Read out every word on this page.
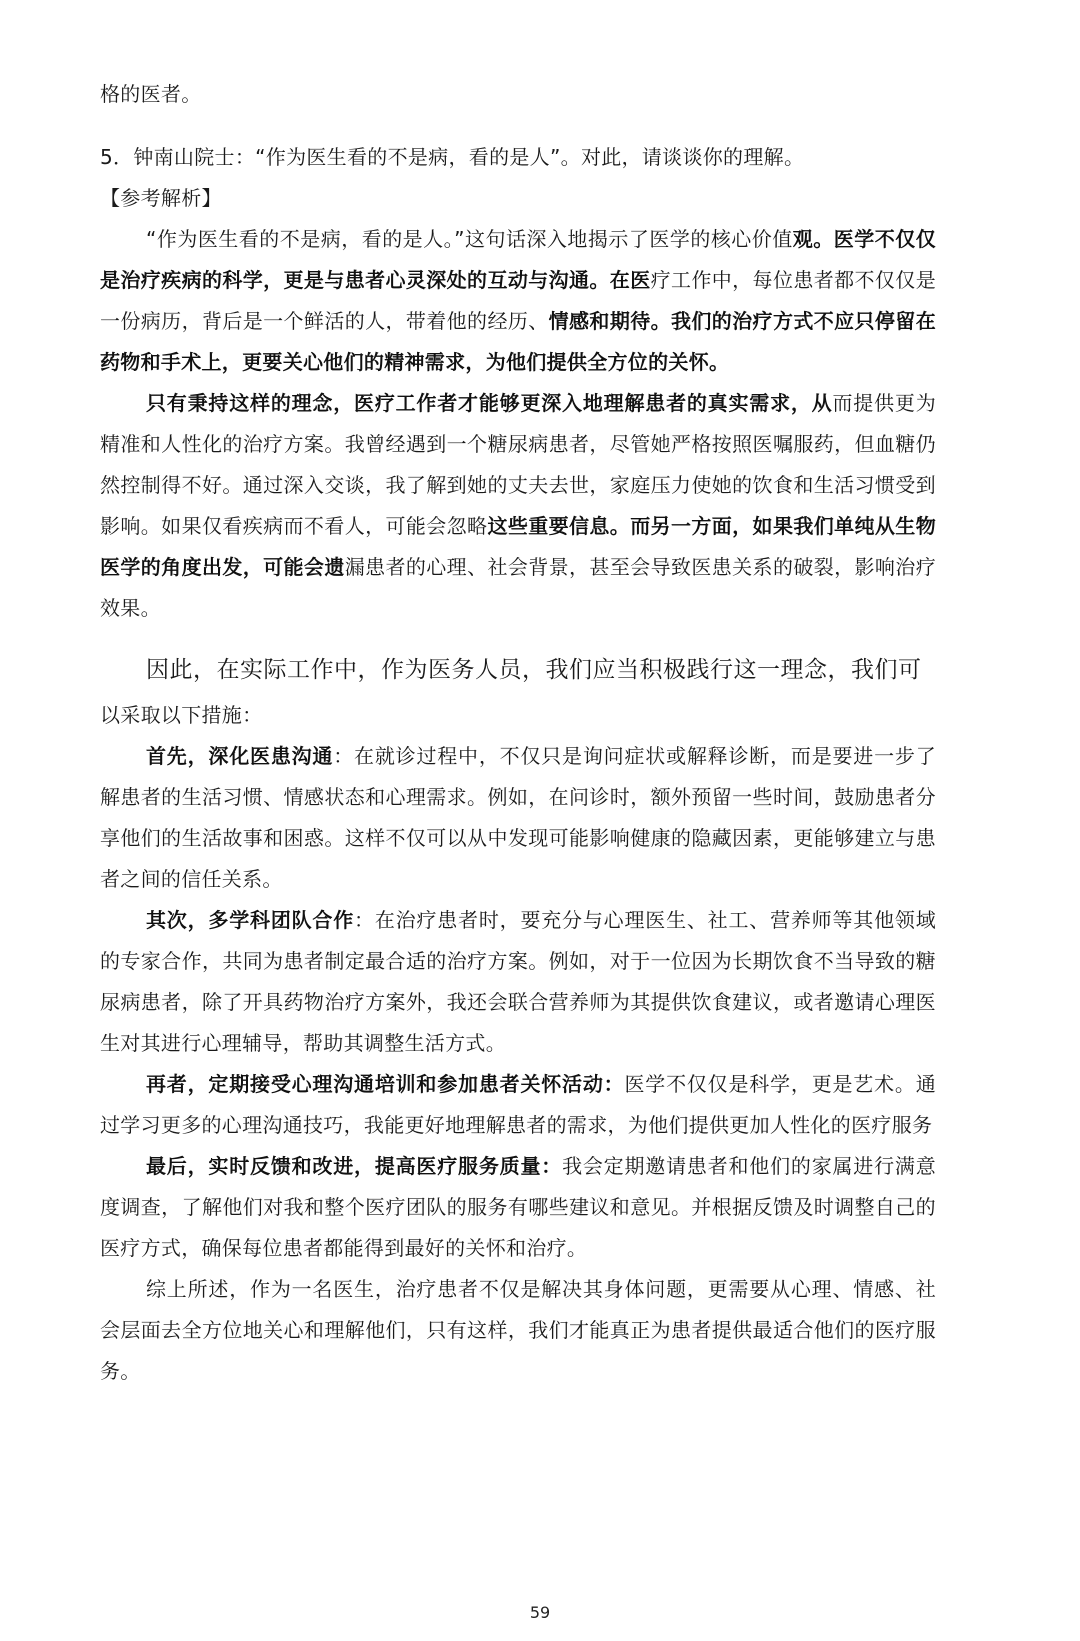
格的医者。

5．钟南山院士：“作为医生看的不是病，看的是人”。对此，请谈谈你的理解。

【参考解析】

“作为医生看的不是病，看的是人。”这句话深入地揭示了医学的核心价值观。医学不仅仅是治疗疾病的科学，更是与患者心灵深处的互动与沟通。在医疗工作中，每位患者都不仅仅是一份病历，背后是一个鲜活的人，带着他的经历、情感和期待。我们的治疗方式不应只停留在药物和手术上，更要关心他们的精神需求，为他们提供全方位的关怀。

只有秉持这样的理念，医疗工作者才能够更深入地理解患者的真实需求，从而提供更为精准和人性化的治疗方案。我曾经遇到一个糖尿病患者，尽管她严格按照医嘱服药，但血糖仍然控制得不好。通过深入交谈，我了解到她的丈夫去世，家庭压力使她的饮食和生活习惯受到影响。如果仅看疾病而不看人，可能会忽略这些重要信息。而另一方面，如果我们单纯从生物医学的角度出发，可能会遗漏患者的心理、社会背景，甚至会导致医患关系的破裂，影响治疗效果。

因此，在实际工作中，作为医务人员，我们应当积极践行这一理念，我们可

以采取以下措施：

首先，深化医患沟通：在就诊过程中，不仅只是询问症状或解释诊断，而是要进一步了解患者的生活习惯、情感状态和心理需求。例如，在问诊时，额外预留一些时间，鼓励患者分享他们的生活故事和困惑。这样不仅可以从中发现可能影响健康的隐藏因素，更能够建立与患者之间的信任关系。

其次，多学科团队合作：在治疗患者时，要充分与心理医生、社工、营养师等其他领域的专家合作，共同为患者制定最合适的治疗方案。例如，对于一位因为长期饮食不当导致的糖尿病患者，除了开具药物治疗方案外，我还会联合营养师为其提供饮食建议，或者邀请心理医生对其进行心理辅导，帮助其调整生活方式。

再者，定期接受心理沟通培训和参加患者关怀活动：医学不仅仅是科学，更是艺术。通过学习更多的心理沟通技巧，我能更好地理解患者的需求，为他们提供更加人性化的医疗服务

最后，实时反馈和改进，提高医疗服务质量：我会定期邀请患者和他们的家属进行满意度调查，了解他们对我和整个医疗团队的服务有哪些建议和意见。并根据反馈及时调整自己的医疗方式，确保每位患者都能得到最好的关怀和治疗。

综上所述，作为一名医生，治疗患者不仅是解决其身体问题，更需要从心理、情感、社会层面去全方位地关心和理解他们，只有这样，我们才能真正为患者提供最适合他们的医疗服务。

59
